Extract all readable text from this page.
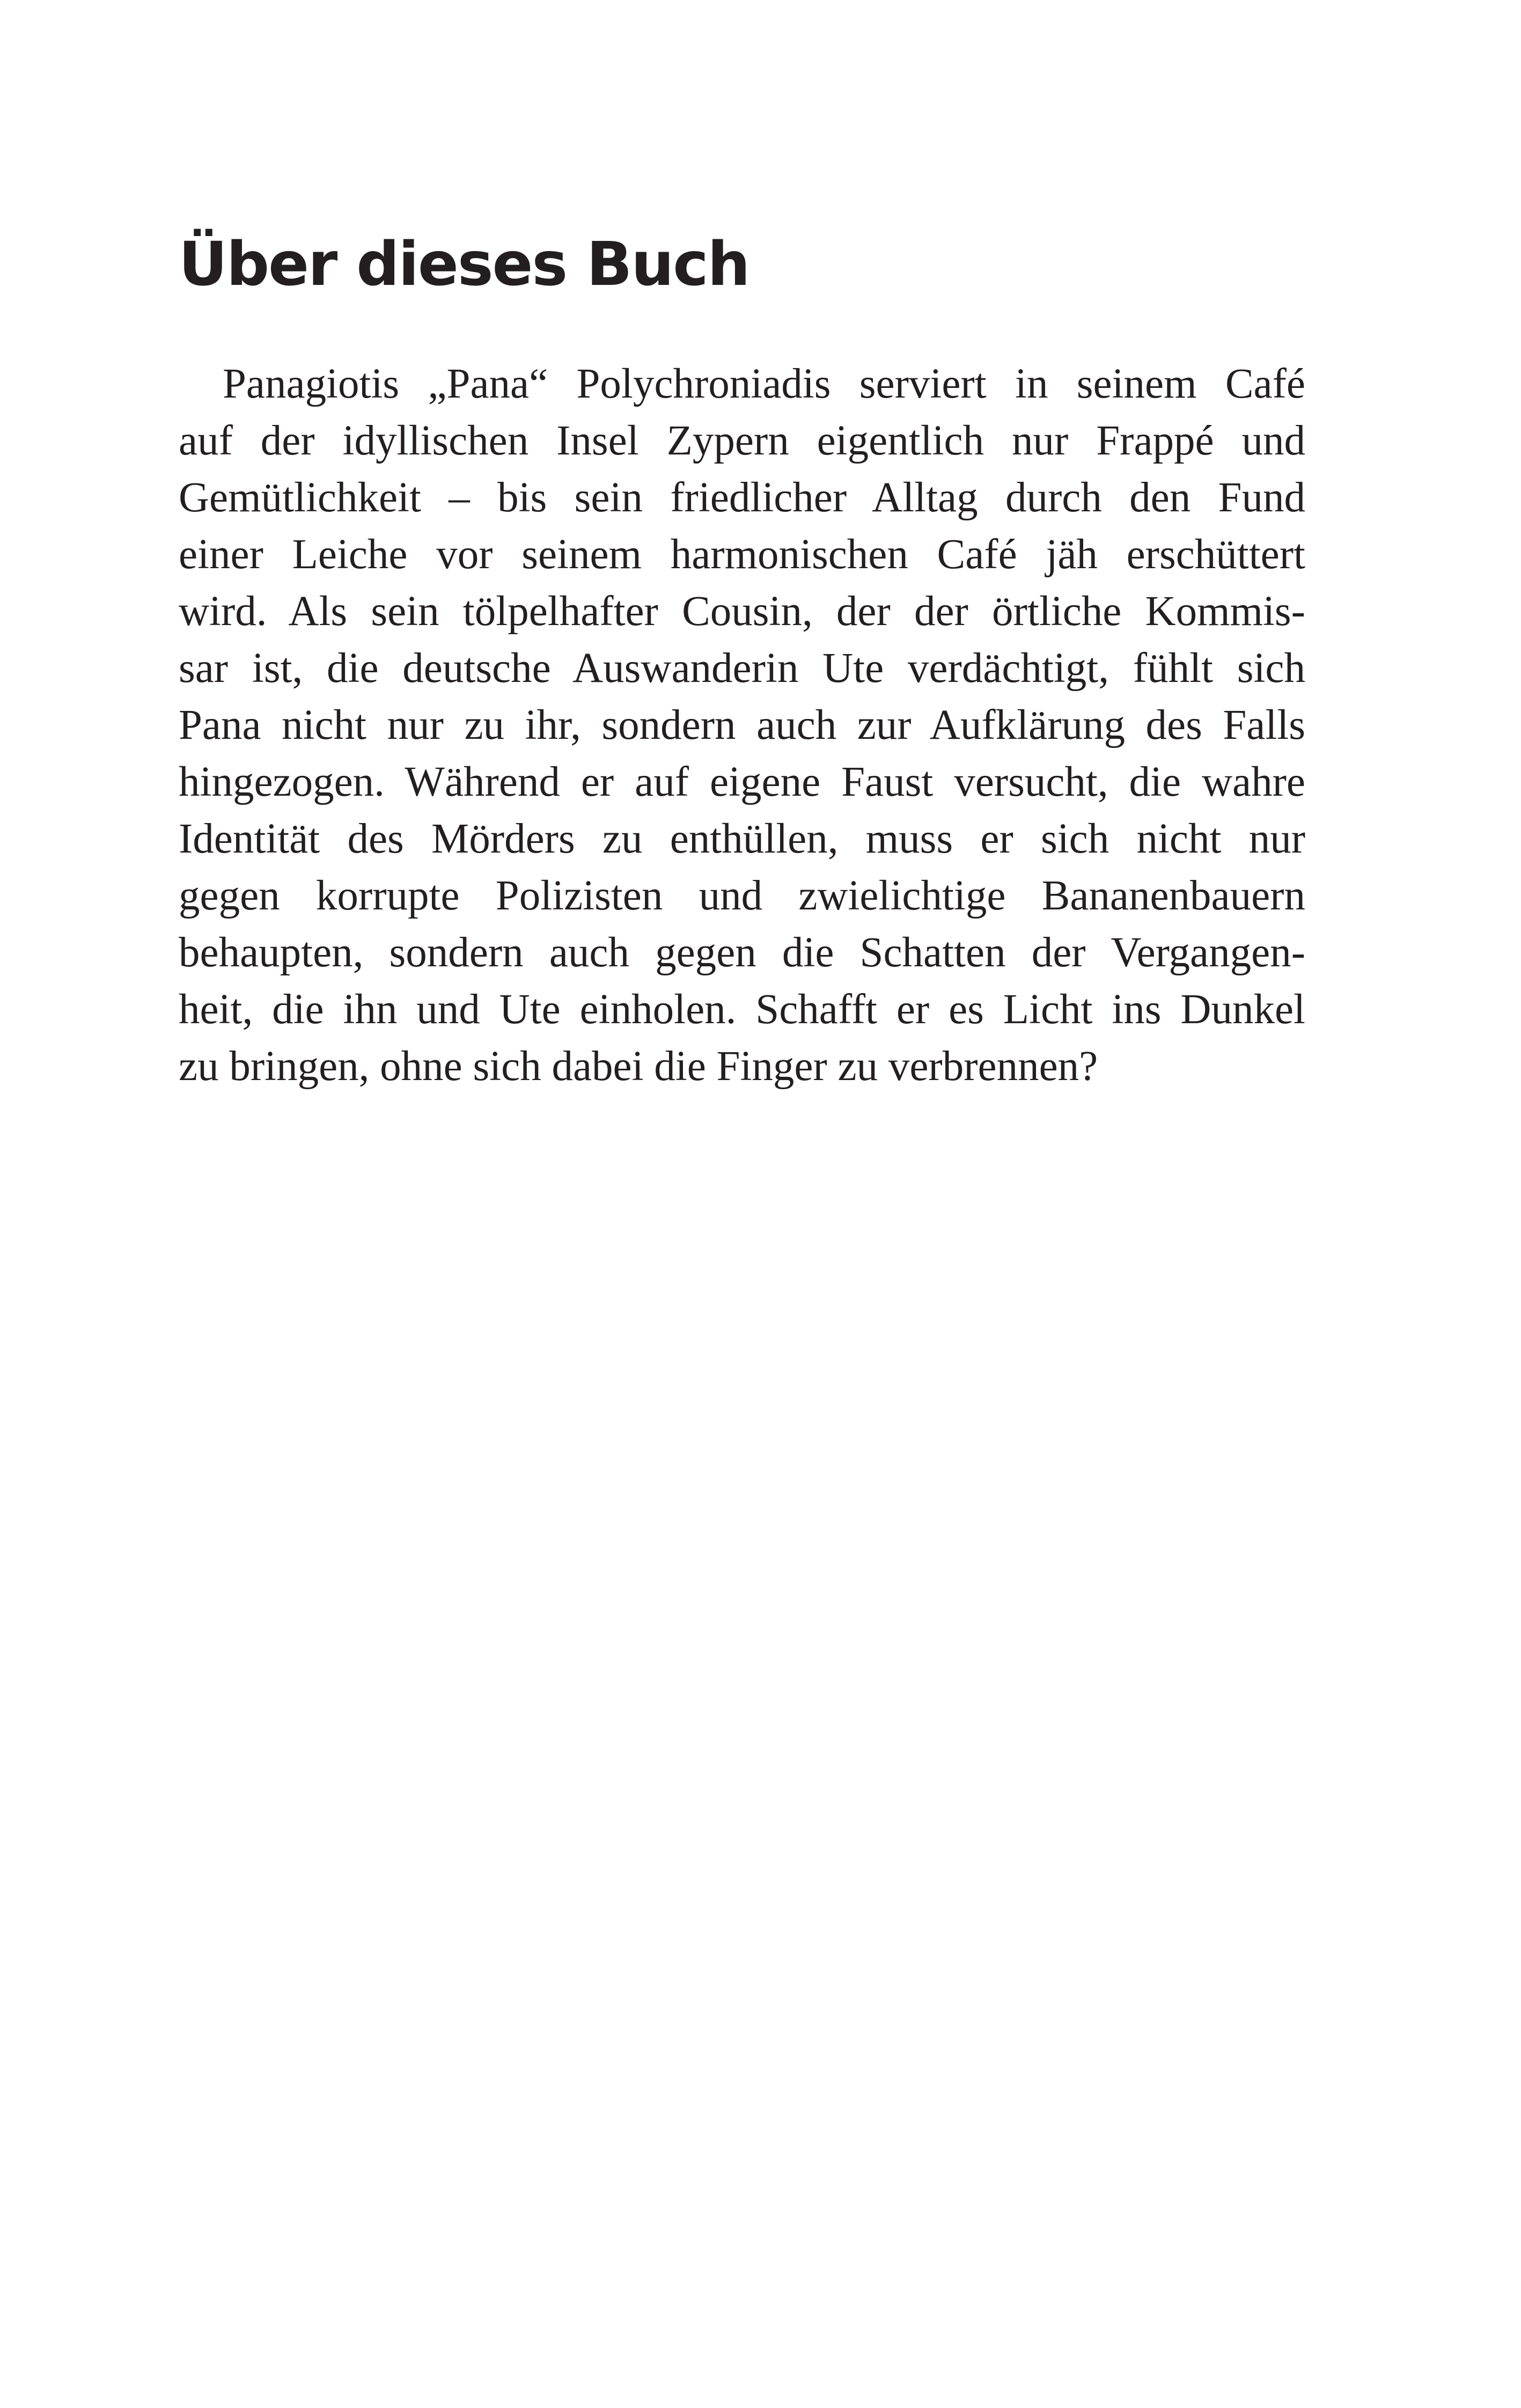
Über dieses Buch
Panagiotis „Pana“ Polychroniadis serviert in seinem Café
auf der idyllischen Insel Zypern eigentlich nur Frappé und
Gemütlichkeit – bis sein friedlicher Alltag durch den Fund
einer Leiche vor seinem harmonischen Café jäh erschüttert
wird. Als sein tölpelhafter Cousin, der der örtliche Kommis-
sar ist, die deutsche Auswanderin Ute verdächtigt, fühlt sich
Pana nicht nur zu ihr, sondern auch zur Aufklärung des Falls
hingezogen. Während er auf eigene Faust versucht, die wahre
Identität des Mörders zu enthüllen, muss er sich nicht nur
gegen korrupte Polizisten und zwielichtige Bananenbauern
behaupten, sondern auch gegen die Schatten der Vergangen-
heit, die ihn und Ute einholen. Schafft er es Licht ins Dunkel
zu bringen, ohne sich dabei die Finger zu verbrennen?
